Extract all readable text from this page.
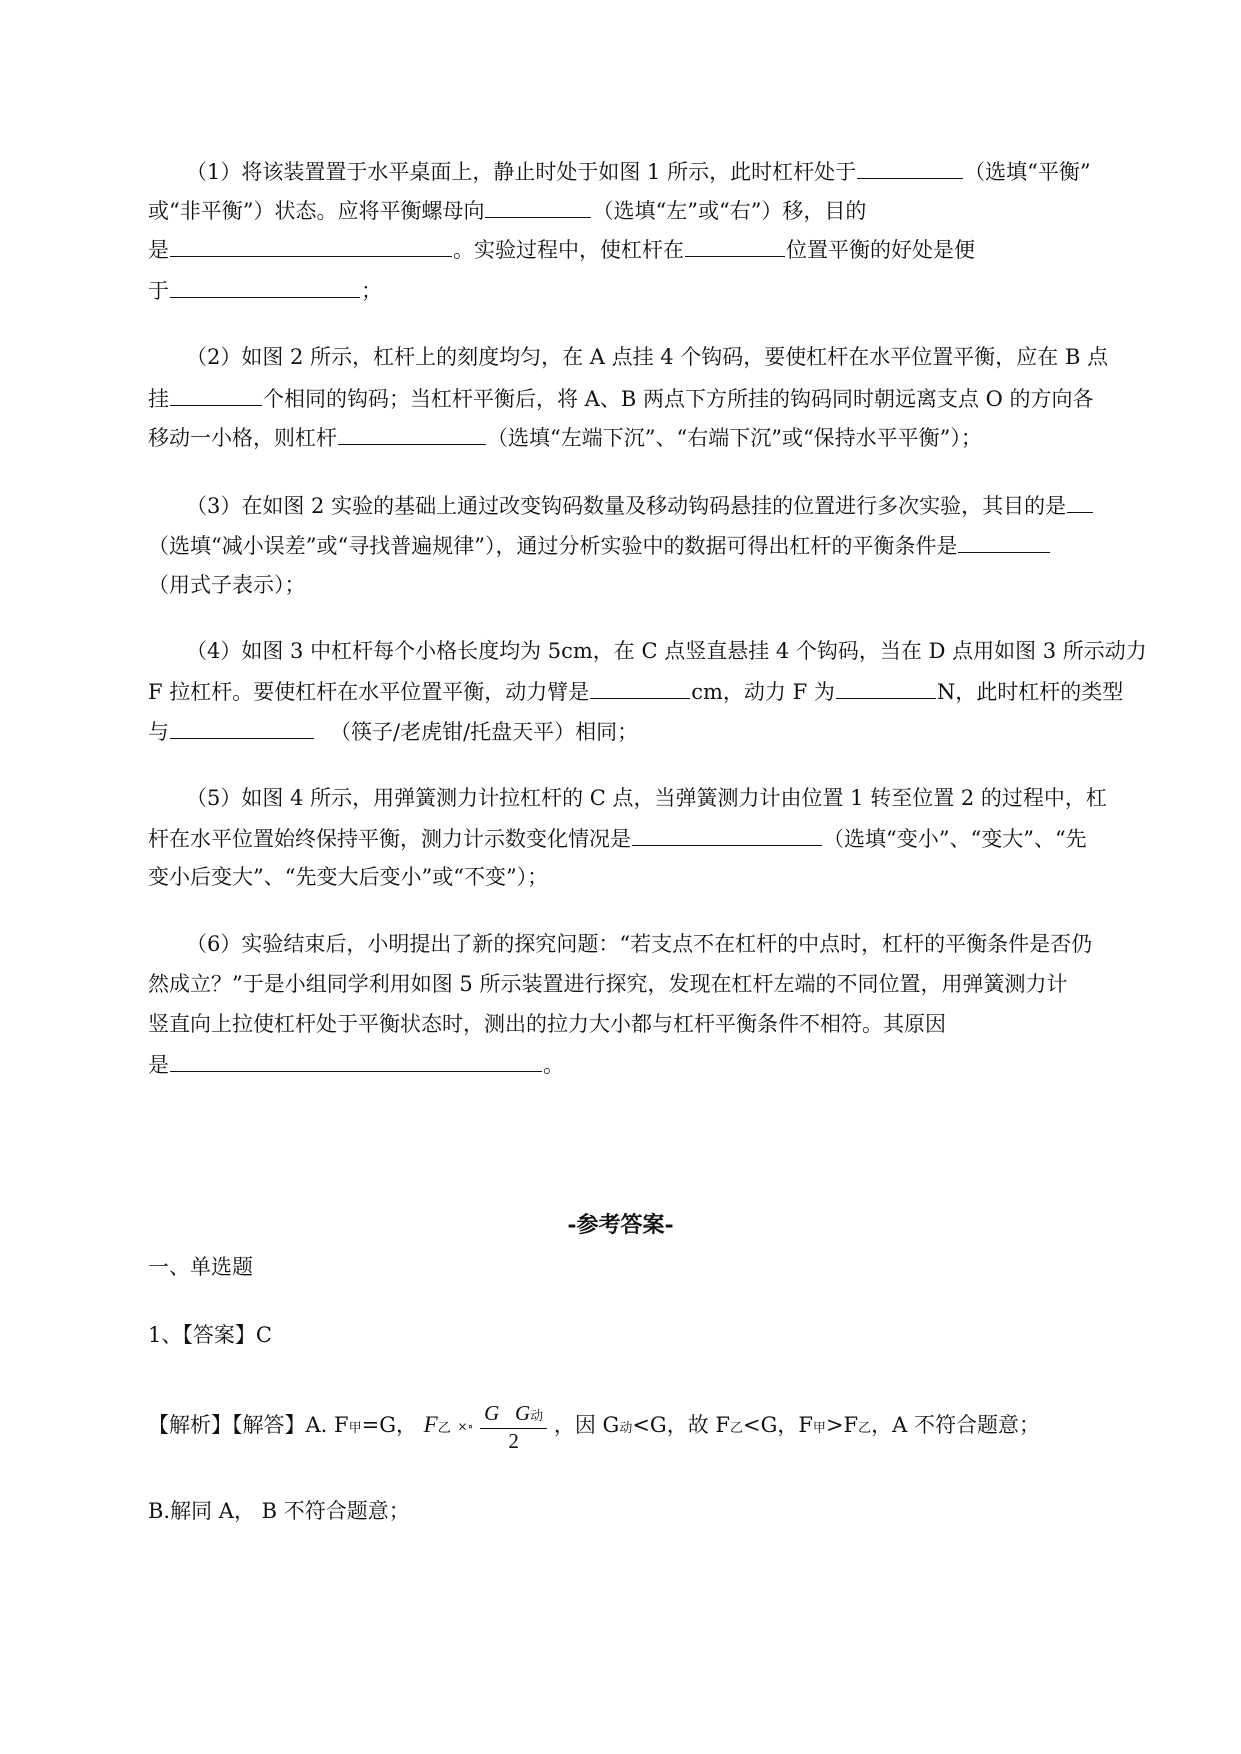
（1）将该装置置于水平桌面上，静止时处于如图 1 所示，此时杠杆处于	（选填“平衡”
或“非平衡”）状态。应将平衡螺母向	（选填“左”或“右”）移，目的
是	。实验过程中，使杠杆在	位置平衡的好处是便
于	；
（2）如图 2 所示，杠杆上的刻度均匀，在 A 点挂 4 个钩码，要使杠杆在水平位置平衡，应在 B 点
挂	个相同的钩码；当杠杆平衡后，将 A、B 两点下方所挂的钩码同时朝远离支点 O 的方向各
移动一小格，则杠杆	（选填“左端下沉”、“右端下沉”或“保持水平平衡”）；
（3）在如图 2 实验的基础上通过改变钩码数量及移动钩码悬挂的位置进行多次实验，其目的是
（选填“减小误差”或“寻找普遍规律”），通过分析实验中的数据可得出杠杆的平衡条件是
（用式子表示）；
（4）如图 3 中杠杆每个小格长度均为 5cm，在 C 点竖直悬挂 4 个钩码，当在 D 点用如图 3 所示动力
F 拉杠杆。要使杠杆在水平位置平衡，动力臂是	cm，动力 F 为	N，此时杠杆的类型
与	（筷子/老虎钳/托盘天平）相同；
（5）如图 4 所示，用弹簧测力计拉杠杆的 C 点，当弹簧测力计由位置 1 转至位置 2 的过程中，杠
杆在水平位置始终保持平衡，测力计示数变化情况是	（选填“变小”、“变大”、“先
变小后变大”、“先变大后变小”或“不变”）；
（6）实验结束后，小明提出了新的探究问题：“若支点不在杠杆的中点时，杠杆的平衡条件是否仍
然成立？”于是小组同学利用如图 5 所示装置进行探究，发现在杠杆左端的不同位置，用弹簧测力计
竖直向上拉使杠杆处于平衡状态时，测出的拉力大小都与杠杆平衡条件不相符。其原因
是	。
-参考答案-
一、单选题
1、【答案】C
【解析】【解答】A. F甲=G， F乙 ×∘ $\frac{\text{G G动}}{2}$ ，因 G动<G，故 F乙<G，F甲>F乙，A 不符合题意；
B.解同 A， B 不符合题意；
